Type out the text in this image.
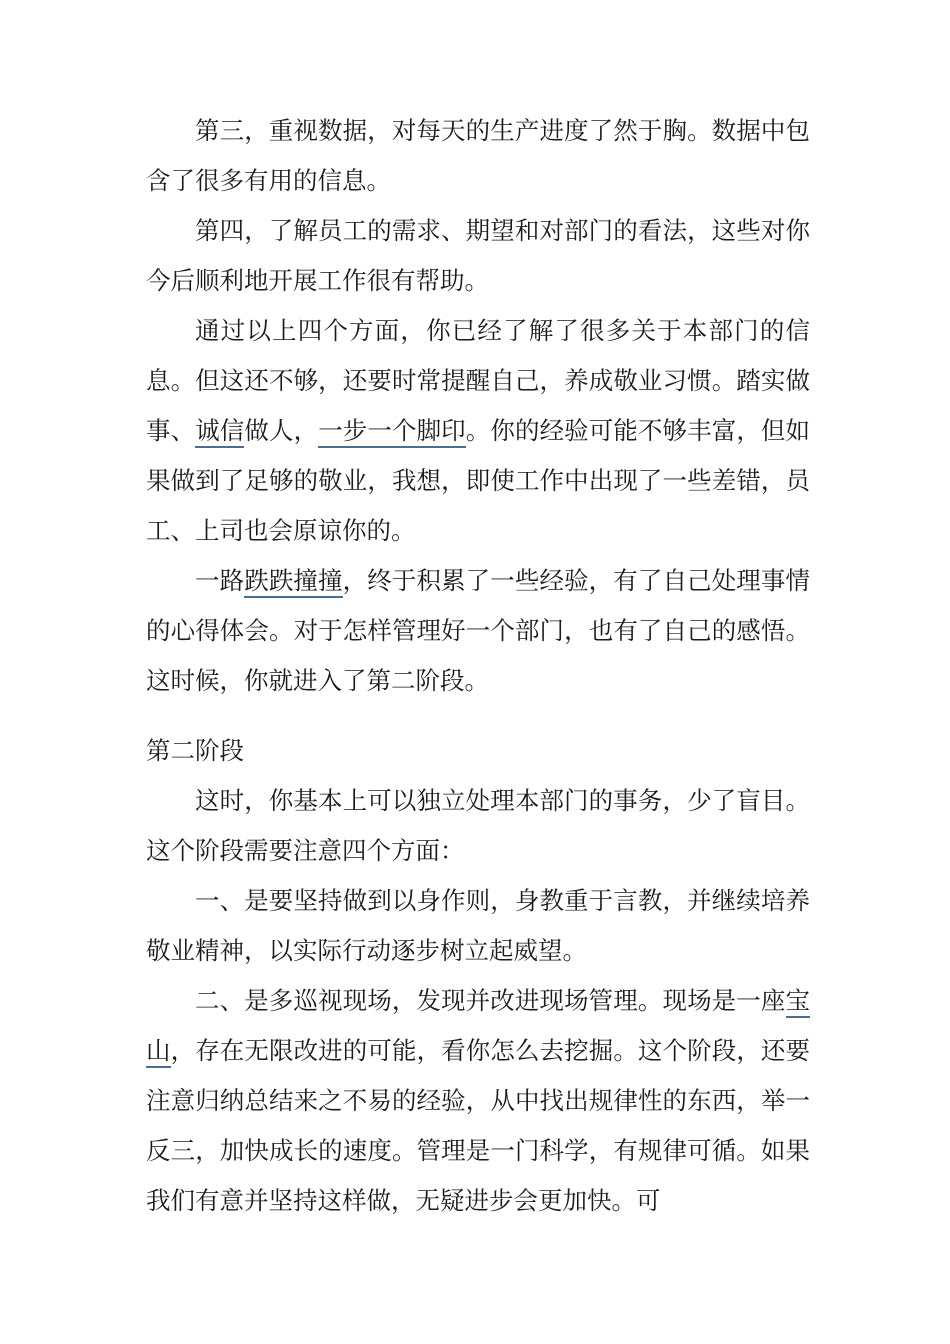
第三，重视数据，对每天的生产进度了然于胸。数据中包含了很多有用的信息。

第四，了解员工的需求、期望和对部门的看法，这些对你今后顺利地开展工作很有帮助。

通过以上四个方面，你已经了解了很多关于本部门的信息。但这还不够，还要时常提醒自己，养成敬业习惯。踏实做事、诚信做人，一步一个脚印。你的经验可能不够丰富，但如果做到了足够的敬业，我想，即使工作中出现了一些差错，员工、上司也会原谅你的。

一路跌跌撞撞，终于积累了一些经验，有了自己处理事情的心得体会。对于怎样管理好一个部门，也有了自己的感悟。这时候，你就进入了第二阶段。

第二阶段

这时，你基本上可以独立处理本部门的事务，少了盲目。这个阶段需要注意四个方面：

一、是要坚持做到以身作则，身教重于言教，并继续培养敬业精神，以实际行动逐步树立起威望。

二、是多巡视现场，发现并改进现场管理。现场是一座宝山，存在无限改进的可能，看你怎么去挖掘。这个阶段，还要注意归纳总结来之不易的经验，从中找出规律性的东西，举一反三，加快成长的速度。管理是一门科学，有规律可循。如果我们有意并坚持这样做，无疑进步会更加快。可
